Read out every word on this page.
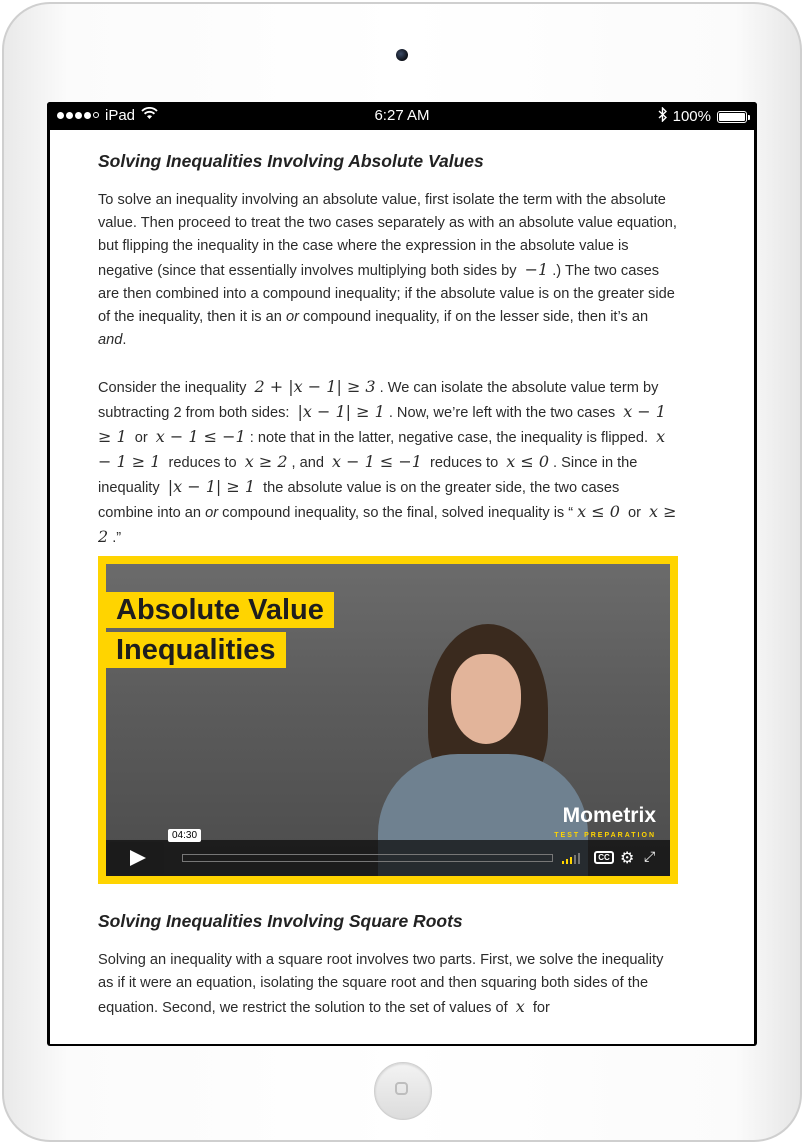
iPad	6:27 AM	100%
Solving Inequalities Involving Absolute Values

To solve an inequality involving an absolute value, first isolate the term with the absolute value. Then proceed to treat the two cases separately as with an absolute value equation, but flipping the inequality in the case where the expression in the absolute value is negative (since that essentially involves multiplying both sides by −1 .) The two cases are then combined into a compound inequality; if the absolute value is on the greater side of the inequality, then it is an or compound inequality, if on the lesser side, then it’s an and.

Consider the inequality 2 + |x − 1| ≥ 3 . We can isolate the absolute value term by subtracting 2 from both sides: |x − 1| ≥ 1 . Now, we’re left with the two cases x − 1 ≥ 1 or x − 1 ≤ −1 : note that in the latter, negative case, the inequality is flipped. x − 1 ≥ 1 reduces to x ≥ 2 , and x − 1 ≤ −1 reduces to x ≤ 0 . Since in the inequality |x − 1| ≥ 1 the absolute value is on the greater side, the two cases combine into an or compound inequality, so the final, solved inequality is “ x ≤ 0 or x ≥ 2 .”

Absolute Value
Inequalities
Mometrix
TEST PREPARATION
04:30
CC ⚙ ⤢
Solving Inequalities Involving Square Roots

Solving an inequality with a square root involves two parts. First, we solve the inequality as if it were an equation, isolating the square root and then squaring both sides of the equation. Second, we restrict the solution to the set of values of x for
